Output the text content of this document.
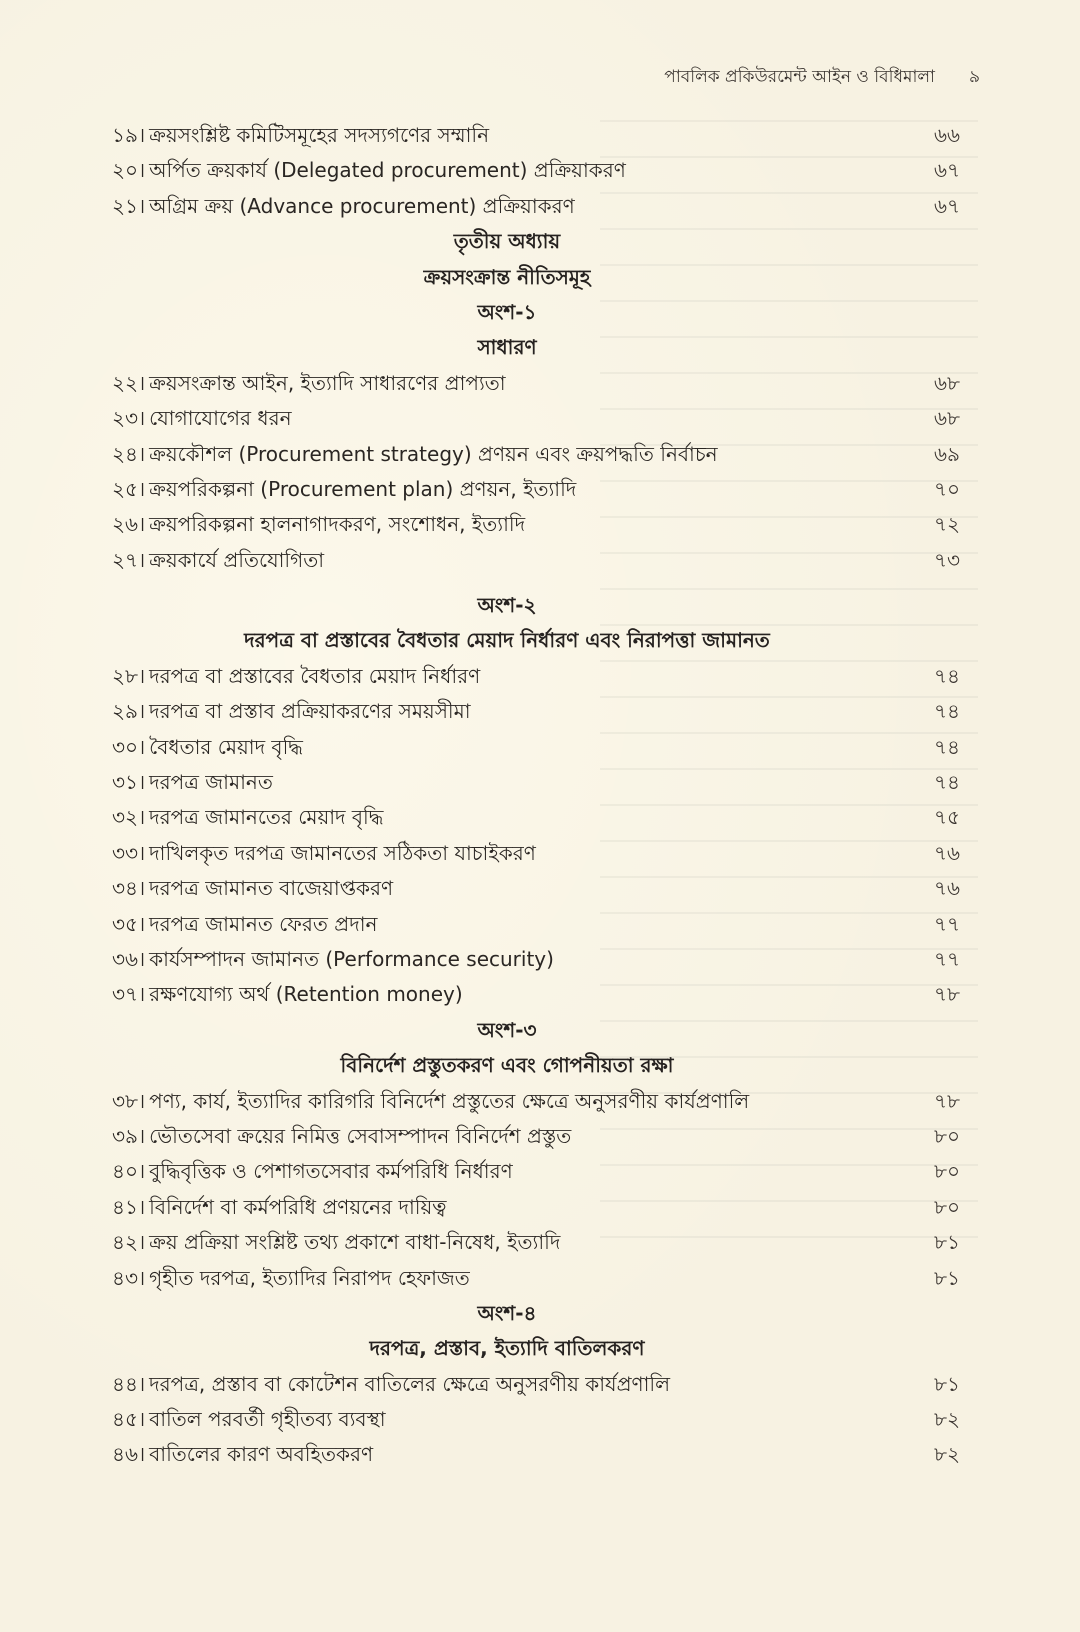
পাবলিক প্রকিউরমেন্ট আইন ও বিধিমালা ৯
১৯। ক্রয়সংশ্লিষ্ট কমিটিসমূহের সদস্যগণের সম্মানি	৬৬
২০। অর্পিত ক্রয়কার্য (Delegated procurement) প্রক্রিয়াকরণ	৬৭
২১। অগ্রিম ক্রয় (Advance procurement) প্রক্রিয়াকরণ	৬৭
তৃতীয় অধ্যায়
ক্রয়সংক্রান্ত নীতিসমূহ
অংশ-১
সাধারণ
২২। ক্রয়সংক্রান্ত আইন, ইত্যাদি সাধারণের প্রাপ্যতা	৬৮
২৩। যোগাযোগের ধরন	৬৮
২৪। ক্রয়কৌশল (Procurement strategy) প্রণয়ন এবং ক্রয়পদ্ধতি নির্বাচন	৬৯
২৫। ক্রয়পরিকল্পনা (Procurement plan) প্রণয়ন, ইত্যাদি	৭০
২৬। ক্রয়পরিকল্পনা হালনাগাদকরণ, সংশোধন, ইত্যাদি	৭২
২৭। ক্রয়কার্যে প্রতিযোগিতা	৭৩
অংশ-২
দরপত্র বা প্রস্তাবের বৈধতার মেয়াদ নির্ধারণ এবং নিরাপত্তা জামানত
২৮। দরপত্র বা প্রস্তাবের বৈধতার মেয়াদ নির্ধারণ	৭৪
২৯। দরপত্র বা প্রস্তাব প্রক্রিয়াকরণের সময়সীমা	৭৪
৩০। বৈধতার মেয়াদ বৃদ্ধি	৭৪
৩১। দরপত্র জামানত	৭৪
৩২। দরপত্র জামানতের মেয়াদ বৃদ্ধি	৭৫
৩৩। দাখিলকৃত দরপত্র জামানতের সঠিকতা যাচাইকরণ	৭৬
৩৪। দরপত্র জামানত বাজেয়াপ্তকরণ	৭৬
৩৫। দরপত্র জামানত ফেরত প্রদান	৭৭
৩৬। কার্যসম্পাদন জামানত (Performance security)	৭৭
৩৭। রক্ষণযোগ্য অর্থ (Retention money)	৭৮
অংশ-৩
বিনির্দেশ প্রস্তুতকরণ এবং গোপনীয়তা রক্ষা
৩৮। পণ্য, কার্য, ইত্যাদির কারিগরি বিনির্দেশ প্রস্তুতের ক্ষেত্রে অনুসরণীয় কার্যপ্রণালি	৭৮
৩৯। ভৌতসেবা ক্রয়ের নিমিত্ত সেবাসম্পাদন বিনির্দেশ প্রস্তুত	৮০
৪০। বুদ্ধিবৃত্তিক ও পেশাগতসেবার কর্মপরিধি নির্ধারণ	৮০
৪১। বিনির্দেশ বা কর্মপরিধি প্রণয়নের দায়িত্ব	৮০
৪২। ক্রয় প্রক্রিয়া সংশ্লিষ্ট তথ্য প্রকাশে বাধা-নিষেধ, ইত্যাদি	৮১
৪৩। গৃহীত দরপত্র, ইত্যাদির নিরাপদ হেফাজত	৮১
অংশ-৪
দরপত্র, প্রস্তাব, ইত্যাদি বাতিলকরণ
৪৪। দরপত্র, প্রস্তাব বা কোটেশন বাতিলের ক্ষেত্রে অনুসরণীয় কার্যপ্রণালি	৮১
৪৫। বাতিল পরবর্তী গৃহীতব্য ব্যবস্থা	৮২
৪৬। বাতিলের কারণ অবহিতকরণ	৮২
